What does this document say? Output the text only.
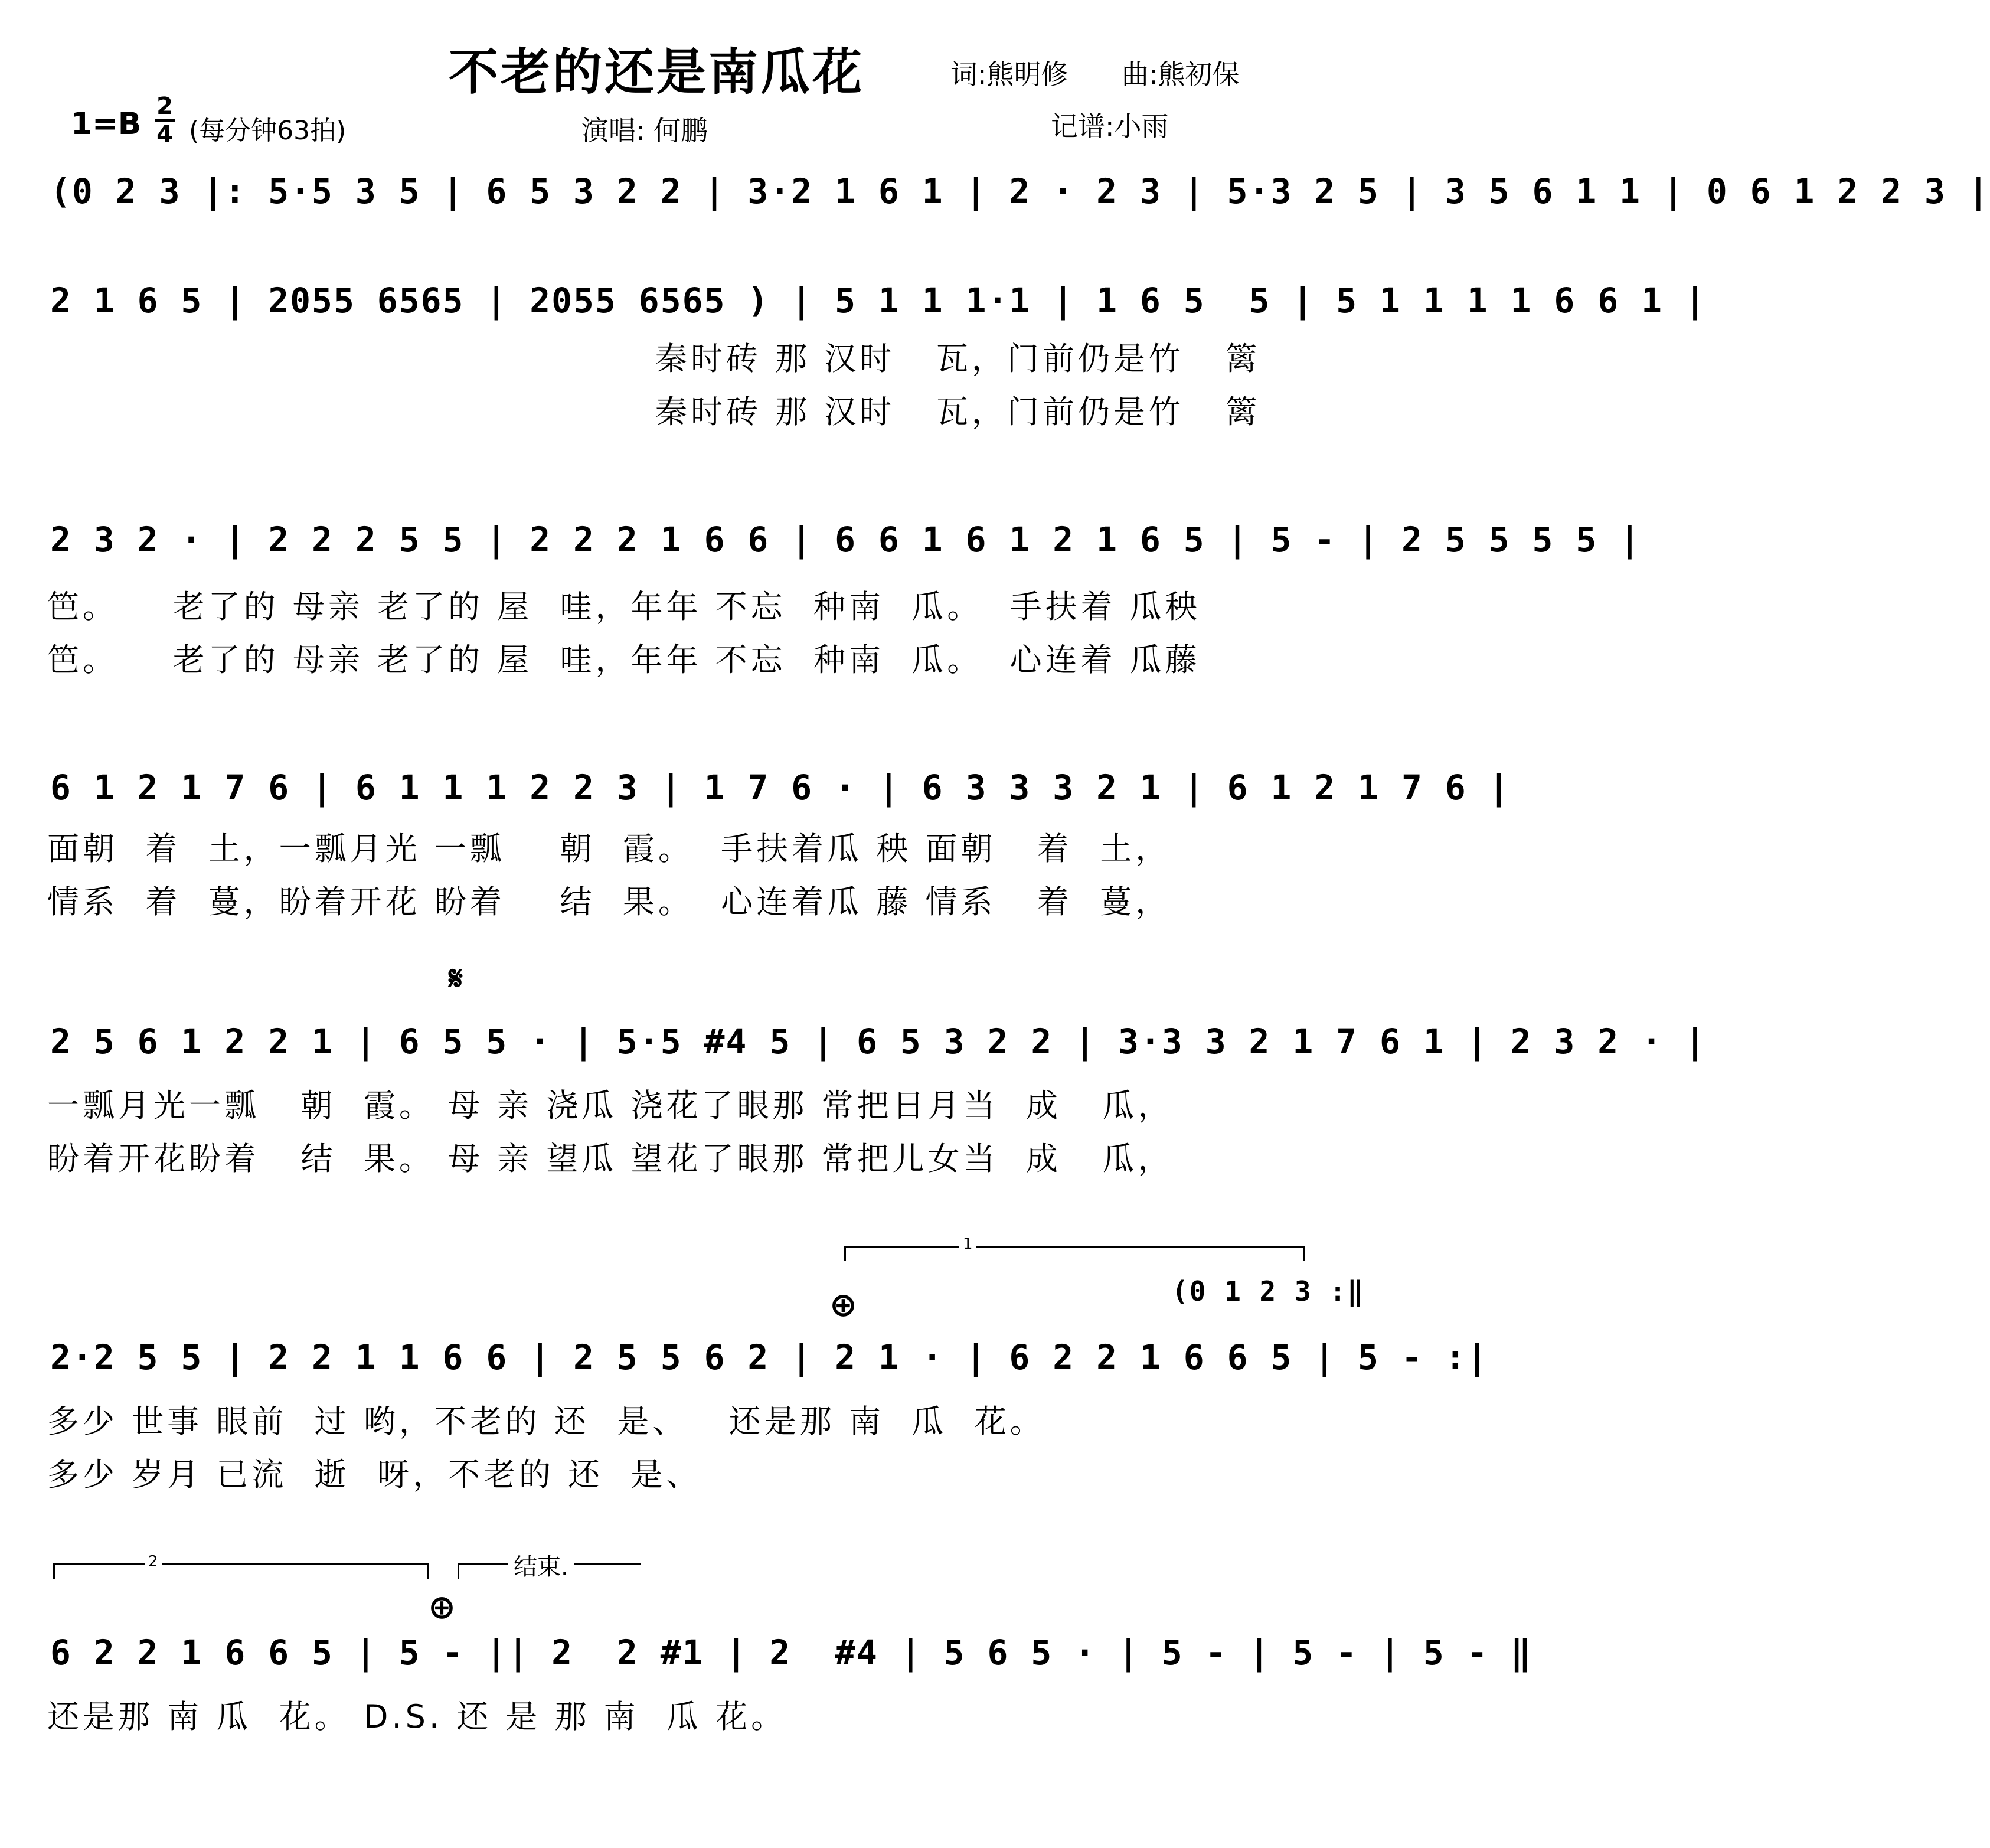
不老的还是南瓜花	词:熊明修 曲:熊初保
1=B 2
4 (每分钟63拍)	演唱: 何鹏	记谱:小雨
(0 2 3 |: 5·5 3 5 | 6 5 3 2 2 | 3·2 1 6 1 | 2 · 2 3 | 5·3 2 5 | 3 5 6 1 1 | 0 6 1 2 2 3 |
2 1 6 5 | 2055 6565 | 2055 6565 ) | 5 1 1 1·1 | 1 6 5  5 | 5 1 1 1 1 6 6 1 |
秦时砖 那 汉时   瓦，门前仍是竹   篱
秦时砖 那 汉时   瓦，门前仍是竹   篱
2 3 2 · | 2 2 2 5 5 | 2 2 2 1 6 6 | 6 6 1 6 1 2 1 6 5 | 5 - | 2 5 5 5 5 |
笆。    老了的 母亲 老了的 屋  哇，年年 不忘  种南  瓜。  手扶着 瓜秧
笆。    老了的 母亲 老了的 屋  哇，年年 不忘  种南  瓜。  心连着 瓜藤
6 1 2 1 7 6 | 6 1 1 1 2 2 3 | 1 7 6 · | 6 3 3 3 2 1 | 6 1 2 1 7 6 |
面朝  着  土，一瓢月光 一瓢    朝  霞。  手扶着瓜 秧 面朝   着  土，
情系  着  蔓，盼着开花 盼着    结  果。  心连着瓜 藤 情系   着  蔓，
𝄋
2 5 6 1 2 2 1 | 6 5 5 · | 5·5 #4 5 | 6 5 3 2 2 | 3·3 3 2 1 7 6 1 | 2 3 2 · |
一瓢月光一瓢   朝  霞。 母 亲 浇瓜 浇花了眼那 常把日月当  成   瓜，
盼着开花盼着   结  果。 母 亲 望瓜 望花了眼那 常把儿女当  成   瓜，
1
(0 1 2 3 :‖
⊕
2·2 5 5 | 2 2 1 1 6 6 | 2 5 5 6 2 | 2 1 · | 6 2 2 1 6 6 5 | 5 - :|
多少 世事 眼前  过 哟，不老的 还  是、   还是那 南  瓜  花。
多少 岁月 已流  逝  呀，不老的 还  是、
2	结束.
⊕
6 2 2 1 6 6 5 | 5 - || 2  2 #1 | 2  #4 | 5 6 5 · | 5 - | 5 - | 5 - ‖
还是那 南 瓜  花。 D.S. 还 是 那 南  瓜 花。
